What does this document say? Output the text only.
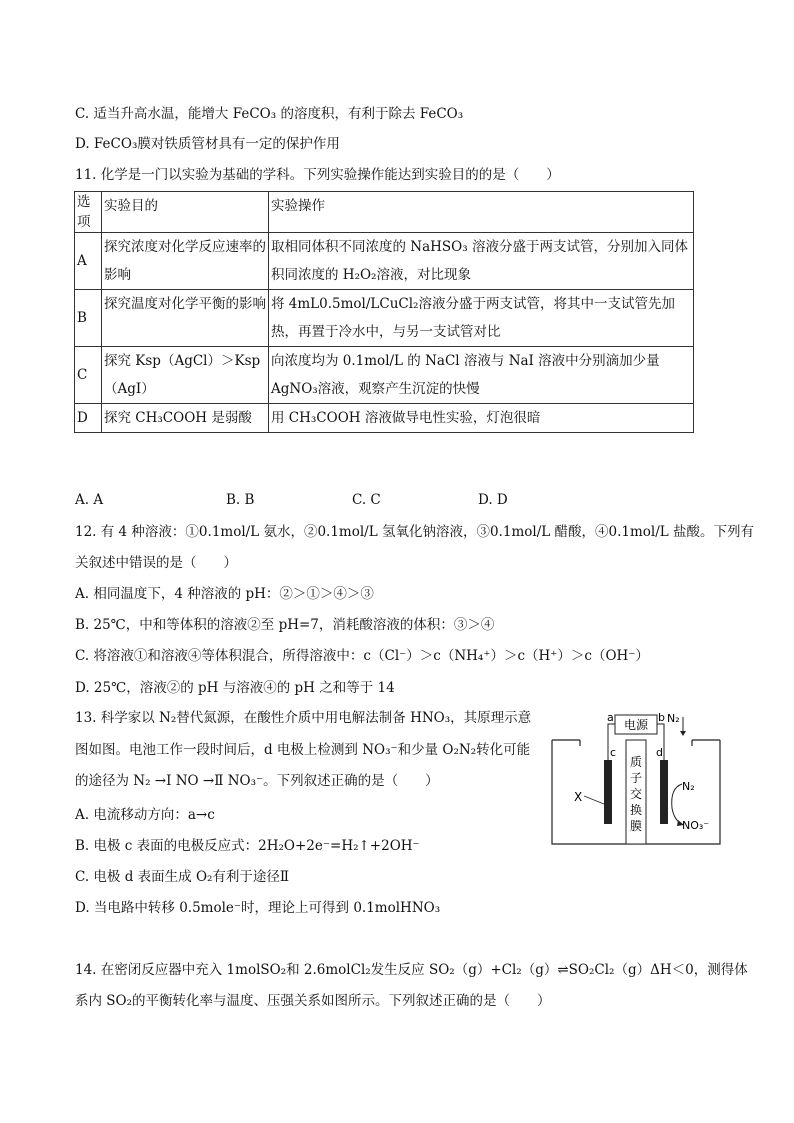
C. 适当升高水温，能增大 FeCO₃ 的溶度积，有利于除去 FeCO₃
D. FeCO₃膜对铁质管材具有一定的保护作用
11. 化学是一门以实验为基础的学科。下列实验操作能达到实验目的的是（　　）
选项	实验目的	实验操作
A	探究浓度对化学反应速率的影响	取相同体积不同浓度的 NaHSO₃ 溶液分盛于两支试管，分别加入同体积同浓度的 H₂O₂溶液，对比现象
B	探究温度对化学平衡的影响	将 4mL0.5mol/LCuCl₂溶液分盛于两支试管，将其中一支试管先加热，再置于冷水中，与另一支试管对比
C	探究 Ksp（AgCl）＞Ksp（AgI）	向浓度均为 0.1mol/L 的 NaCl 溶液与 NaI 溶液中分别滴加少量 AgNO₃溶液，观察产生沉淀的快慢
D	探究 CH₃COOH 是弱酸	用 CH₃COOH 溶液做导电性实验，灯泡很暗
A. A	B. B	C. C	D. D
12. 有 4 种溶液：①0.1mol/L 氨水，②0.1mol/L 氢氧化钠溶液，③0.1mol/L 醋酸，④0.1mol/L 盐酸。下列有
关叙述中错误的是（　　）
A. 相同温度下，4 种溶液的 pH：②＞①＞④＞③
B. 25℃，中和等体积的溶液②至 pH=7，消耗酸溶液的体积：③＞④
C. 将溶液①和溶液④等体积混合，所得溶液中：c（Cl⁻）＞c（NH₄⁺）＞c（H⁺）＞c（OH⁻）
D. 25℃，溶液②的 pH 与溶液④的 pH 之和等于 14
13. 科学家以 N₂替代氮源，在酸性介质中用电解法制备 HNO₃，其原理示意
图如图。电池工作一段时间后，d 电极上检测到 NO₃⁻和少量 O₂N₂转化可能
的途径为 N₂ →Ⅰ NO →Ⅱ NO₃⁻。下列叙述正确的是（　　）
A. 电流移动方向：a→c
B. 电极 c 表面的电极反应式：2H₂O+2e⁻=H₂↑+2OH⁻
C. 电极 d 表面生成 O₂有利于途径Ⅱ
D. 当电路中转移 0.5mole⁻时，理论上可得到 0.1molHNO₃
电源
a	b
c	d
质
子
交
换
膜
X
N₂
N₂
NO₃⁻
14. 在密闭反应器中充入 1molSO₂和 2.6molCl₂发生反应 SO₂（g）+Cl₂（g）⇌SO₂Cl₂（g）ΔH＜0，测得体
系内 SO₂的平衡转化率与温度、压强关系如图所示。下列叙述正确的是（　　）
